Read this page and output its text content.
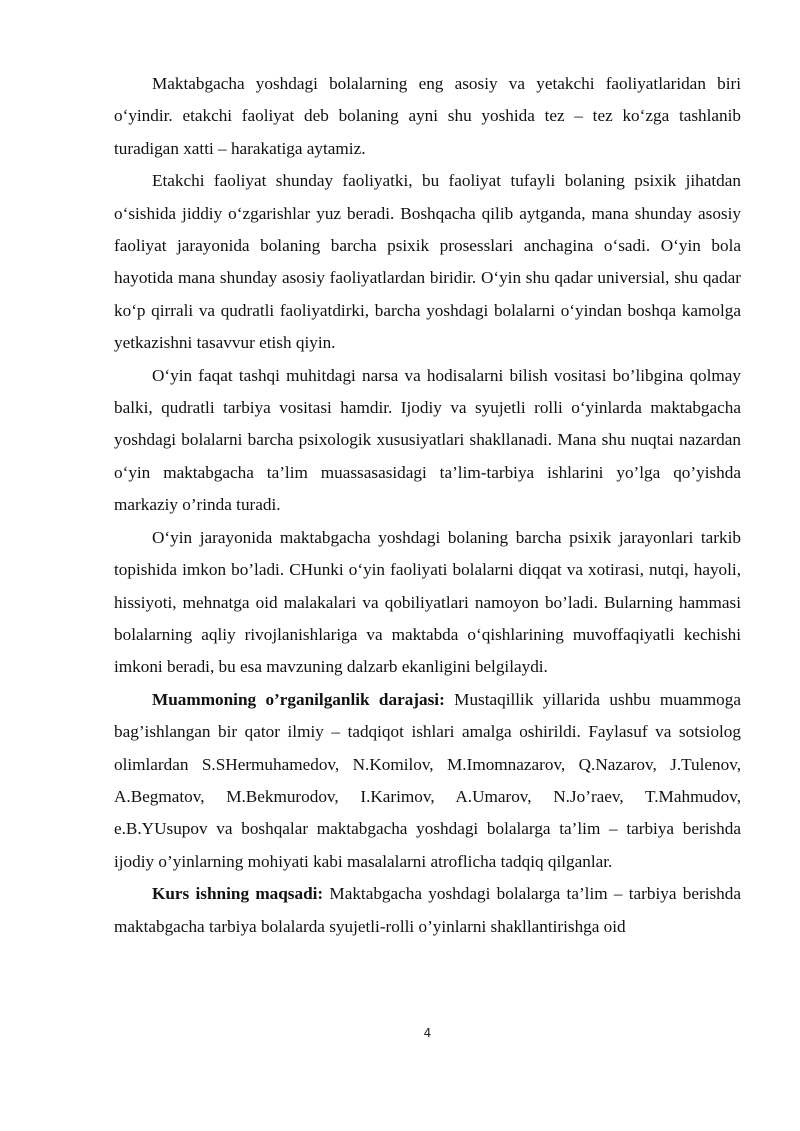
Maktabgacha yoshdagi bolalarning eng asosiy va yetakchi faoliyatlaridan biri o‘yindir. etakchi faoliyat deb bolaning ayni shu yoshida tez – tez ko‘zga tashlanib turadigan xatti – harakatiga aytamiz.

Etakchi faoliyat shunday faoliyatki, bu faoliyat tufayli bolaning psixik jihatdan o‘sishida jiddiy o‘zgarishlar yuz beradi. Boshqacha qilib aytganda, mana shunday asosiy faoliyat jarayonida bolaning barcha psixik prosesslari anchagina o‘sadi. O‘yin bola hayotida mana shunday asosiy faoliyatlardan biridir. O‘yin shu qadar universial, shu qadar ko‘p qirrali va qudratli faoliyatdirki, barcha yoshdagi bolalarni o‘yindan boshqa kamolga yetkazishni tasavvur etish qiyin.

O‘yin faqat tashqi muhitdagi narsa va hodisalarni bilish vositasi bo’libgina qolmay balki, qudratli tarbiya vositasi hamdir. Ijodiy va syujetli rolli o‘yinlarda maktabgacha yoshdagi bolalarni barcha psixologik xususiyatlari shakllanadi. Mana shu nuqtai nazardan o‘yin maktabgacha ta’lim muassasasidagi ta’lim-tarbiya ishlarini yo’lga qo’yishda markaziy o’rinda turadi.

O‘yin jarayonida maktabgacha yoshdagi bolaning barcha psixik jarayonlari tarkib topishida imkon bo’ladi. CHunki o‘yin faoliyati bolalarni diqqat va xotirasi, nutqi, hayoli, hissiyoti, mehnatga oid malakalari va qobiliyatlari namoyon bo’ladi. Bularning hammasi bolalarning aqliy rivojlanishlariga va maktabda o‘qishlarining muvoffaqiyatli kechishi imkoni beradi, bu esa mavzuning dalzarb ekanligini belgilaydi.

Muammoning o’rganilganlik darajasi: Mustaqillik yillarida ushbu muammoga bag’ishlangan bir qator ilmiy – tadqiqot ishlari amalga oshirildi. Faylasuf va sotsiolog olimlardan S.SHermuhamedov, N.Komilov, M.Imomnazarov, Q.Nazarov, J.Tulenov, A.Begmatov, M.Bekmurodov, I.Karimov, A.Umarov, N.Jo’raev, T.Mahmudov, e.B.YUsupov va boshqalar maktabgacha yoshdagi bolalarga ta’lim – tarbiya berishda ijodiy o’yinlarning mohiyati kabi masalalarni atroflicha tadqiq qilganlar.

Kurs ishning maqsadi: Maktabgacha yoshdagi bolalarga ta’lim – tarbiya berishda maktabgacha tarbiya bolalarda syujetli-rolli o’yinlarni shakllantirishga oid

4
